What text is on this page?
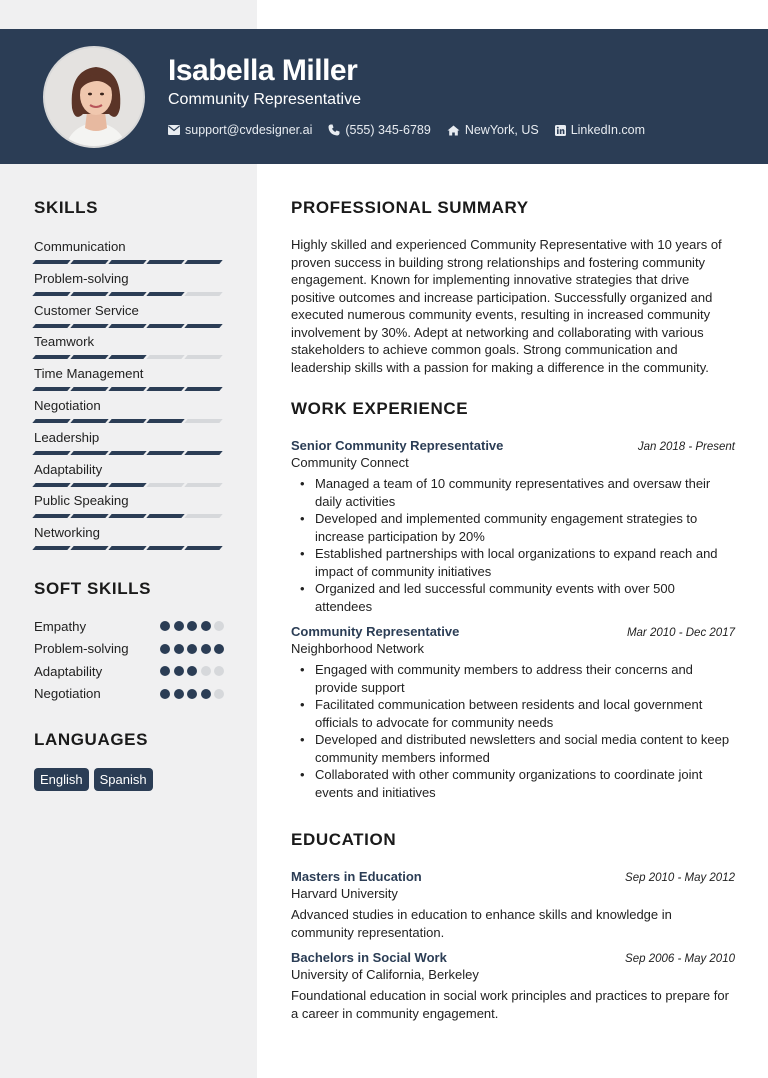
Isabella Miller
Community Representative
support@cvdesigner.ai	(555) 345-6789	NewYork, US	LinkedIn.com
SKILLS
Communication
Problem-solving
Customer Service
Teamwork
Time Management
Negotiation
Leadership
Adaptability
Public Speaking
Networking
SOFT SKILLS
Empathy
Problem-solving
Adaptability
Negotiation
LANGUAGES
English	Spanish
PROFESSIONAL SUMMARY
Highly skilled and experienced Community Representative with 10 years of proven success in building strong relationships and fostering community engagement. Known for implementing innovative strategies that drive positive outcomes and increase participation. Successfully organized and executed numerous community events, resulting in increased community involvement by 30%. Adept at networking and collaborating with various stakeholders to achieve common goals. Strong communication and leadership skills with a passion for making a difference in the community.
WORK EXPERIENCE
Senior Community Representative	Jan 2018 - Present
Community Connect
• Managed a team of 10 community representatives and oversaw their daily activities
• Developed and implemented community engagement strategies to increase participation by 20%
• Established partnerships with local organizations to expand reach and impact of community initiatives
• Organized and led successful community events with over 500 attendees
Community Representative	Mar 2010 - Dec 2017
Neighborhood Network
• Engaged with community members to address their concerns and provide support
• Facilitated communication between residents and local government officials to advocate for community needs
• Developed and distributed newsletters and social media content to keep community members informed
• Collaborated with other community organizations to coordinate joint events and initiatives
EDUCATION
Masters in Education	Sep 2010 - May 2012
Harvard University
Advanced studies in education to enhance skills and knowledge in community representation.
Bachelors in Social Work	Sep 2006 - May 2010
University of California, Berkeley
Foundational education in social work principles and practices to prepare for a career in community engagement.
